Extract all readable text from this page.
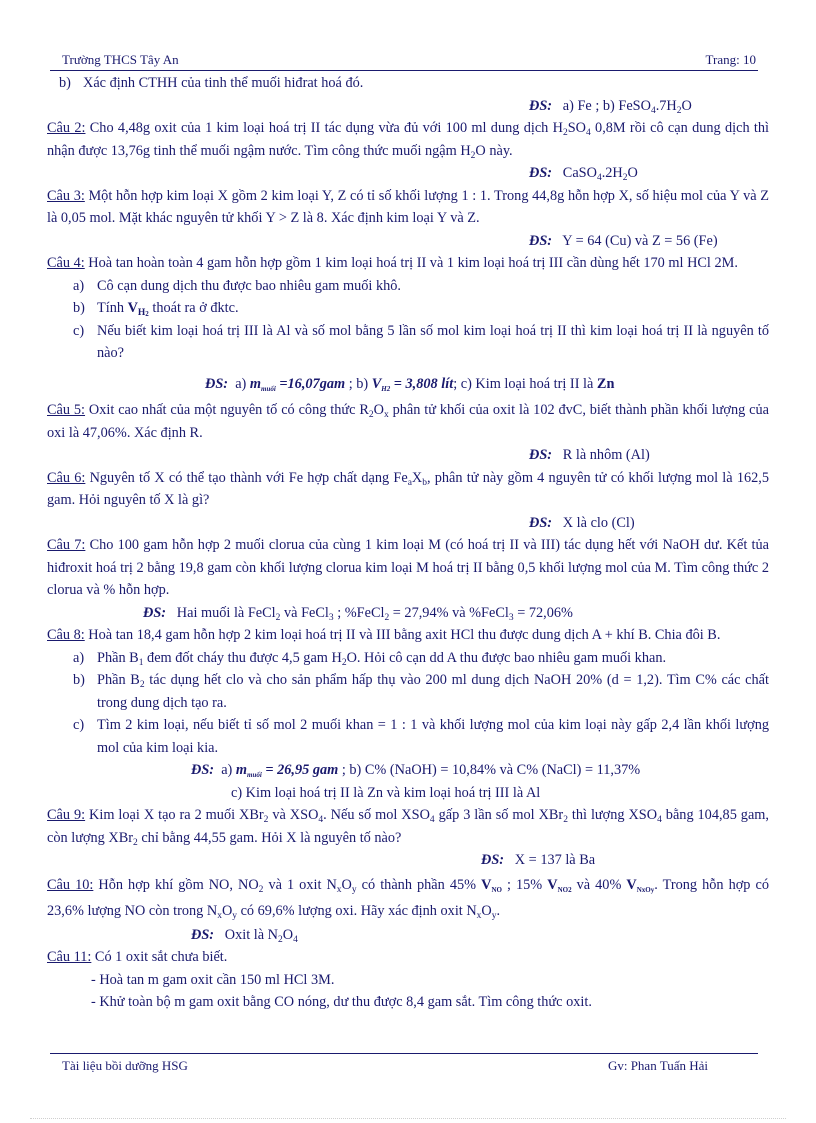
Trường THCS Tây An	Trang: 10

b) Xác định CTHH của tinh thể muối hiđrat hoá đó.

ĐS: a) Fe ; b) $FeSO_4.7H_2O$

Câu 2: Cho 4,48g oxit của 1 kim loại hoá trị II tác dụng vừa đủ với 100 ml dung dịch $H_2SO_4$ 0,8M rồi cô cạn dung dịch thì nhận được 13,76g tinh thể muối ngậm nước. Tìm công thức muối ngậm $H_2O$ này.

ĐS: $CaSO_4.2H_2O$

Câu 3: Một hỗn hợp kim loại X gồm 2 kim loại Y, Z có tỉ số khối lượng 1 : 1. Trong 44,8g hỗn hợp X, số hiệu mol của Y và Z là 0,05 mol. Mặt khác nguyên tử khối Y > Z là 8. Xác định kim loại Y và Z.

ĐS: Y = 64 (Cu) và Z = 56 (Fe)

Câu 4: Hoà tan hoàn toàn 4 gam hỗn hợp gồm 1 kim loại hoá trị II và 1 kim loại hoá trị III cần dùng hết 170 ml HCl 2M.

a) Cô cạn dung dịch thu được bao nhiêu gam muối khô.

b) Tính $V_{H_2}$ thoát ra ở đktc.

c) Nếu biết kim loại hoá trị III là Al và số mol bằng 5 lần số mol kim loại hoá trị II thì kim loại hoá trị II là nguyên tố nào?

ĐS: a) $m_{muối} =16,07gam$ ; b) $V_{H2} = 3,808$ lít; c) Kim loại hoá trị II là Zn

Câu 5: Oxit cao nhất của một nguyên tố có công thức $R_2O_x$ phân tử khối của oxit là 102 đvC, biết thành phần khối lượng của oxi là 47,06%. Xác định R.

ĐS: R là nhôm (Al)

Câu 6: Nguyên tố X có thể tạo thành với Fe hợp chất dạng $Fe_aX_b$, phân tử này gồm 4 nguyên tử có khối lượng mol là 162,5 gam. Hỏi nguyên tố X là gì?

ĐS: X là clo (Cl)

Câu 7: Cho 100 gam hỗn hợp 2 muối clorua của cùng 1 kim loại M (có hoá trị II và III) tác dụng hết với NaOH dư. Kết tủa hiđroxit hoá trị 2 bằng 19,8 gam còn khối lượng clorua kim loại M hoá trị II bằng 0,5 khối lượng mol của M. Tìm công thức 2 clorua và % hỗn hợp.

ĐS: Hai muối là FeCl$_2$ và FeCl$_3$ ; %FeCl$_2$ = 27,94% và %FeCl$_3$ = 72,06%

Câu 8: Hoà tan 18,4 gam hỗn hợp 2 kim loại hoá trị II và III bằng axit HCl thu được dung dịch A + khí B. Chia đôi B.

a) Phần $B_1$ đem đốt cháy thu được 4,5 gam $H_2O$. Hỏi cô cạn dd A thu được bao nhiêu gam muối khan.

b) Phần $B_2$ tác dụng hết clo và cho sản phẩm hấp thụ vào 200 ml dung dịch NaOH 20% (d = 1,2). Tìm C% các chất trong dung dịch tạo ra.

c) Tìm 2 kim loại, nếu biết tỉ số mol 2 muối khan = 1 : 1 và khối lượng mol của kim loại này gấp 2,4 lần khối lượng mol của kim loại kia.

ĐS: a) $m_{muối} = 26,95$ gam ; b) C% (NaOH) = 10,84% và C% (NaCl) = 11,37%

c) Kim loại hoá trị II là Zn và kim loại hoá trị III là Al

Câu 9: Kim loại X tạo ra 2 muối XBr$_2$ và $XSO_4$. Nếu số mol $XSO_4$ gấp 3 lần số mol XBr$_2$ thì lượng $XSO_4$ bằng 104,85 gam, còn lượng XBr$_2$ chỉ bằng 44,55 gam. Hỏi X là nguyên tố nào?

ĐS: X = 137 là Ba

Câu 10: Hỗn hợp khí gồm NO, $NO_2$ và 1 oxit $N_xO_y$ có thành phần 45% $V_{NO}$ ; 15% $V_{NO2}$ và 40% $V_{NxOy}$. Trong hỗn hợp có 23,6% lượng NO còn trong $N_xO_y$ có 69,6% lượng oxi. Hãy xác định oxit $N_xO_y$.

ĐS: Oxit là $N_2O_4$

Câu 11: Có 1 oxit sắt chưa biết.

- Hoà tan m gam oxit cần 150 ml HCl 3M.

- Khử toàn bộ m gam oxit bằng CO nóng, dư thu được 8,4 gam sắt. Tìm công thức oxit.

Tài liệu bồi dưỡng HSG	Gv: Phan Tuấn Hải
